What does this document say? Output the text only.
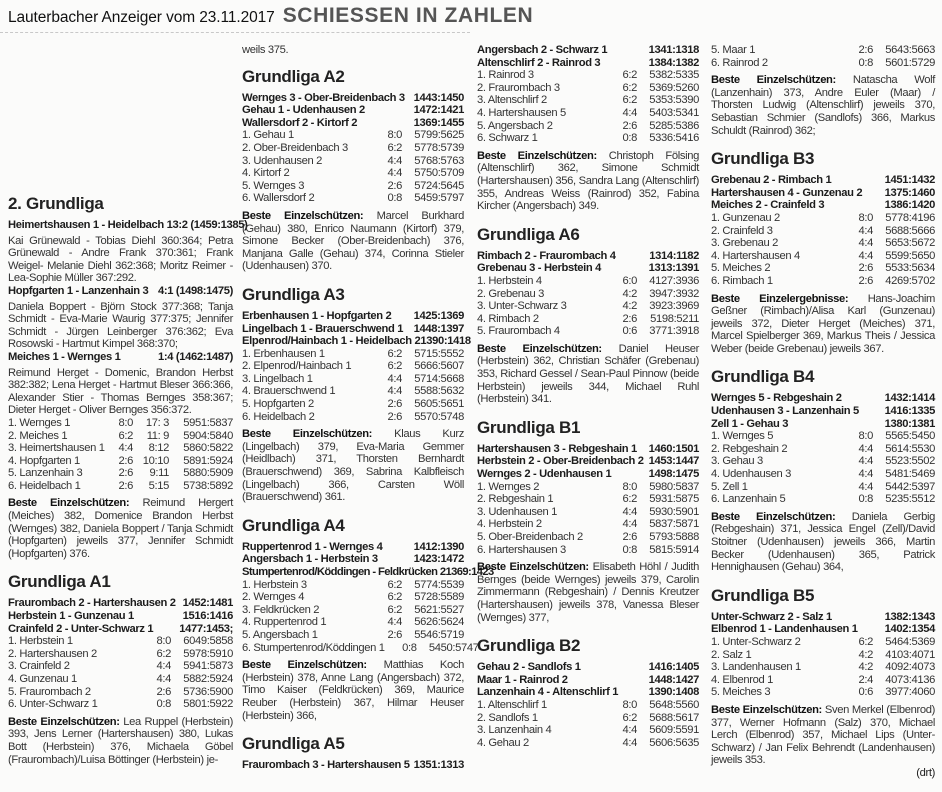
Lauterbacher Anzeiger vom 23.11.2017 SCHIESSEN IN ZAHLEN
2. Grundliga
Heimertshausen 1 - Heidelbach 1 3:2 (1459:1385)
Kai Grünewald - Tobias Diehl 360:364; Petra Grünewald - Andre Frank 370:361; Frank Weigel- Melanie Diehl 362:368; Moritz Reimer - Lea-Sophie Müller 367:292.
Hopfgarten 1 - Lanzenhain 3 4:1 (1498:1475)
Daniela Boppert - Björn Stock 377:368; Tanja Schmidt - Eva-Marie Waurig 377:375; Jennifer Schmidt - Jürgen Leinberger 376:362; Eva Rosowski - Hartmut Kimpel 368:370;
Meiches 1 - Wernges 1	1:4 (1462:1487)
Reimund Herget - Domenic, Brandon Herbst 382:382; Lena Herget - Hartmut Bleser 366:366, Alexander Stier - Thomas Bernges 358:367; Dieter Herget - Oliver Bernges 356:372.
1. Wernges 1	8:0	17: 3	5951:5837
2. Meiches 1	6:2	11: 9	5904:5840
3. Heimertshausen 1	4:4	8:12	5860:5822
4. Hopfgarten 1	2:6 10:10	5891:5924
5. Lanzenhain 3	2:6	9:11	5880:5909
6. Heidelbach 1	2:6	5:15	5738:5892
Beste Einzelschützen: Reimund Hergert (Meiches) 382, Domenice Brandon Herbst (Wernges) 382, Daniela Boppert / Tanja Schmidt (Hopfgarten) jeweils 377, Jennifer Schmidt (Hopfgarten) 376.
Grundliga A1
Fraurombach 2 - Hartershausen 2 1452:1481
Herbstein 1 - Gunzenau 1	1516:1416
Crainfeld 2 - Unter-Schwarz 1 1477:1453;
1. Herbstein 1	8:0	6049:5858
2. Hartershausen 2	6:2	5978:5910
3. Crainfeld 2	4:4	5941:5873
4. Gunzenau 1	4:4	5882:5924
5. Fraurombach 2	2:6	5736:5900
6. Unter-Schwarz 1	0:8	5801:5922
Beste Einzelschützen: Lea Ruppel (Herbstein) 393, Jens Lerner (Hartershausen) 380, Lukas Bott (Herbstein) 376, Michaela Göbel (Fraurombach)/Luisa Böttinger (Herbstein) je-
weils 375.
Grundliga A2
Wernges 3 - Ober-Breidenbach 3 1443:1450
Gehau 1 - Udenhausen 2	1472:1421
Wallersdorf 2 - Kirtorf 2	1369:1455
1. Gehau 1	8:0	5799:5625
2. Ober-Breidenbach 3	6:2	5778:5739
3. Udenhausen 2	4:4	5768:5763
4. Kirtorf 2	4:4	5750:5709
5. Wernges 3	2:6	5724:5645
6. Wallersdorf 2	0:8	5459:5797
Beste Einzelschützen: Marcel Burkhard (Gehau) 380, Enrico Naumann (Kirtorf) 379, Simone Becker (Ober-Breidenbach) 376, Manjana Galle (Gehau) 374, Corinna Stieler (Udenhausen) 370.
Grundliga A3
Erbenhausen 1 - Hopfgarten 2 1425:1369
Lingelbach 1 - Brauerschwend 1 1448:1397
Elpenrod/Hainbach 1 - Heidelbach 2 1390:1418
1. Erbenhausen 1	6:2	5715:5552
2. Elpenrod/Hainbach 1	6:2	5666:5607
3. Lingelbach 1	4:4	5714:5668
4. Brauerschwend 1	4:4	5588:5632
5. Hopfgarten 2	2:6	5605:5651
6. Heidelbach 2	2:6	5570:5748
Beste Einzelschützen: Klaus Kurz (Lingelbach) 379, Eva-Maria Gemmer (Heidlbach) 371, Thorsten Bernhardt (Brauerschwend) 369, Sabrina Kalbfleisch (Lingelbach) 366, Carsten Wöll (Brauerschwend) 361.
Grundliga A4
Ruppertenrod 1 - Wernges 4	1412:1390
Angersbach 1 - Herbstein 3	1423:1472
Stumpertenrod/Köddingen - Feldkrücken 2 1369:1423
1. Herbstein 3	6:2	5774:5539
2. Wernges 4	6:2	5728:5589
3. Feldkrücken 2	6:2	5621:5527
4. Ruppertenrod 1	4:4	5626:5624
5. Angersbach 1	2:6	5546:5719
6. Stumpertenrod/Köddingen 1	0:8	5450:5747
Beste Einzelschützen: Matthias Koch (Herbstein) 378, Anne Lang (Angersbach) 372, Timo Kaiser (Feldkrücken) 369, Maurice Reuber (Herbstein) 367, Hilmar Heuser (Herbstein) 366,
Grundliga A5
Fraurombach 3 - Hartershausen 5 1351:1313
Angersbach 2 - Schwarz 1	1341:1318
Altenschlirf 2 - Rainrod 3	1384:1382
1. Rainrod 3	6:2	5382:5335
2. Fraurombach 3	6:2	5369:5260
3. Altenschlirf 2	6:2	5353:5390
4. Hartershausen 5	4:4	5403:5341
5. Angersbach 2	2:6	5285:5386
6. Schwarz 1	0:8	5336:5416
Beste Einzelschützen: Christoph Fölsing (Altenschlirf) 362, Simone Schmidt (Hartershausen) 356, Sandra Lang (Altenschlirf) 355, Andreas Weiss (Rainrod) 352, Fabina Kircher (Angersbach) 349.
Grundliga A6
Rimbach 2 - Fraurombach 4	1314:1182
Grebenau 3 - Herbstein 4	1313:1391
1. Herbstein 4	6:0	4127:3936
2. Grebenau 3	4:2	3947:3932
3. Unter-Schwarz 3	4:2	3923:3969
4. Rimbach 2	2:6	5198:5211
5. Fraurombach 4	0:6	3771:3918
Beste Einzelschützen: Daniel Heuser (Herbstein) 362, Christian Schäfer (Grebenau) 353, Richard Gessel / Sean-Paul Pinnow (beide Herbstein) jeweils 344, Michael Ruhl (Herbstein) 341.
Grundliga B1
Hartershausen 3 - Rebgeshain 1 1460:1501
Herbstein 2 - Ober-Breidenbach 2 1453:1447
Wernges 2 - Udenhausen 1	1498:1475
1. Wernges 2	8:0	5980:5837
2. Rebgeshain 1	6:2	5931:5875
3. Udenhausen 1	4:4	5930:5901
4. Herbstein 2	4:4	5837:5871
5. Ober-Breidenbach 2	2:6	5793:5888
6. Hartershausen 3	0:8	5815:5914
Beste Einzelschützen: Elisabeth Höhl / Judith Bernges (beide Wernges) jeweils 379, Carolin Zimmermann (Rebgeshain) / Dennis Kreutzer (Hartershausen) jeweils 378, Vanessa Bleser (Wernges) 377,
Grundliga B2
Gehau 2 - Sandlofs 1	1416:1405
Maar 1 - Rainrod 2	1448:1427
Lanzenhain 4 - Altenschlirf 1	1390:1408
1. Altenschlirf 1	8:0	5648:5560
2. Sandlofs 1	6:2	5688:5617
3. Lanzenhain 4	4:4	5609:5591
4. Gehau 2	4:4	5606:5635
5. Maar 1	2:6	5643:5663
6. Rainrod 2	0:8	5601:5729
Beste Einzelschützen: Natascha Wolf (Lanzenhain) 373, Andre Euler (Maar) / Thorsten Ludwig (Altenschlirf) jeweils 370, Sebastian Schmier (Sandlofs) 366, Markus Schuldt (Rainrod) 362;
Grundliga B3
Grebenau 2 - Rimbach 1	1451:1432
Hartershausen 4 - Gunzenau 2 1375:1460
Meiches 2 - Crainfeld 3	1386:1420
1. Gunzenau 2	8:0	5778:4196
2. Crainfeld 3	4:4	5688:5666
3. Grebenau 2	4:4	5653:5672
4. Hartershausen 4	4:4	5599:5650
5. Meiches 2	2:6	5533:5634
6. Rimbach 1	2:6	4269:5702
Beste Einzelergebnisse: Hans-Joachim Geßner (Rimbach)/Alisa Karl (Gunzenau) jeweils 372, Dieter Herget (Meiches) 371, Marcel Spielberger 369, Markus Theis / Jessica Weber (beide Grebenau) jeweils 367.
Grundliga B4
Wernges 5 - Rebgeshain 2	1432:1414
Udenhausen 3 - Lanzenhain 5 1416:1335
Zell 1 - Gehau 3	1380:1381
1. Wernges 5	8:0	5565:5450
2. Rebgeshain 2	4:4	5614:5530
3. Gehau 3	4:4	5523:5502
4. Udenhausen 3	4:4	5481:5469
5. Zell 1	4:4	5442:5397
6. Lanzenhain 5	0:8	5235:5512
Beste Einzelschützen: Daniela Gerbig (Rebgeshain) 371, Jessica Engel (Zell)/David Stoitner (Udenhausen) jeweils 366, Martin Becker (Udenhausen) 365, Patrick Hennighausen (Gehau) 364,
Grundliga B5
Unter-Schwarz 2 - Salz 1	1382:1343
Elbenrod 1 - Landenhausen 1 1402:1354
1. Unter-Schwarz 2	6:2	5464:5369
2. Salz 1	4:2	4103:4071
3. Landenhausen 1	4:2	4092:4073
4. Elbenrod 1	2:4	4073:4136
5. Meiches 3	0:6	3977:4060
Beste Einzelschützen: Sven Merkel (Elbenrod) 377, Werner Hofmann (Salz) 370, Michael Lerch (Elbenrod) 357, Michael Lips (Unter-Schwarz) / Jan Felix Behrendt (Landenhausen) jeweils 353.
(drt)
